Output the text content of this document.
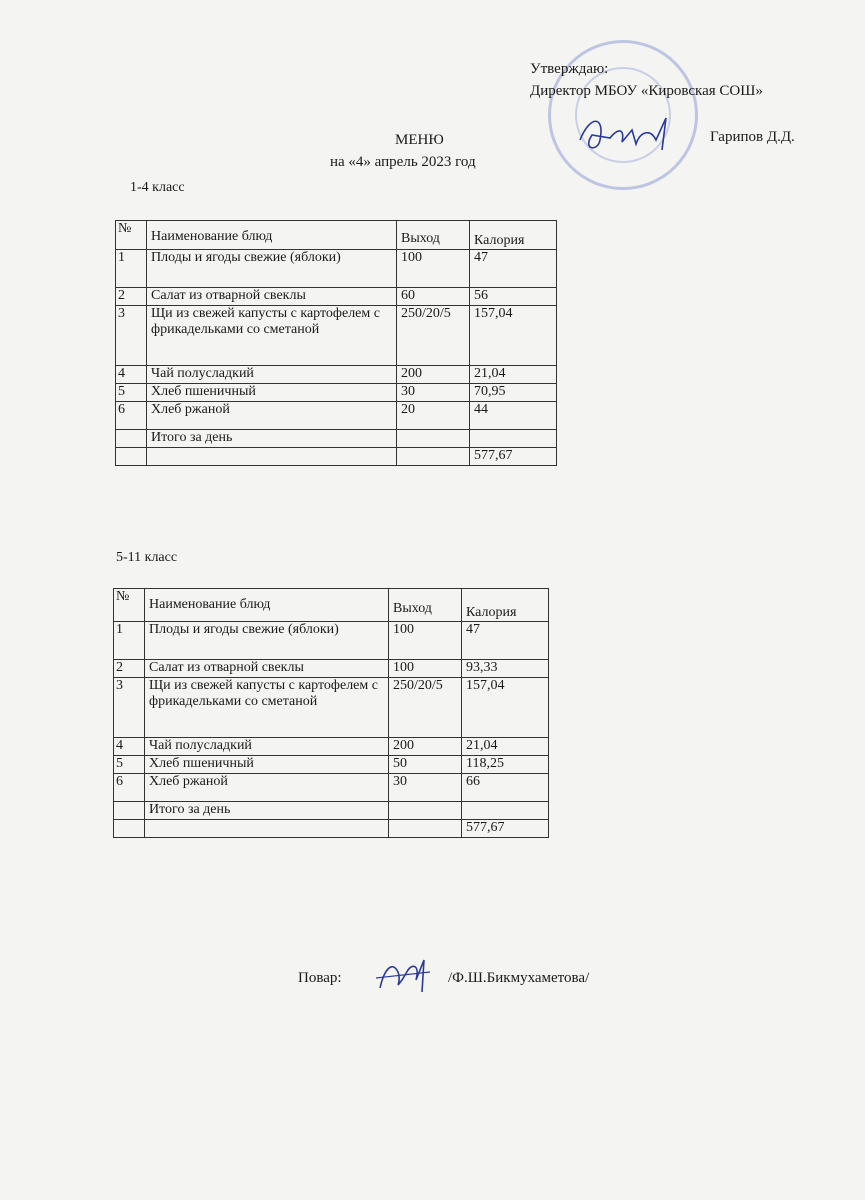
Утверждаю:
Директор МБОУ «Кировская СОШ»
Гарипов Д.Д.
МЕНЮ
на «4» апрель 2023 год
1-4 класс
№	Наименование блюд	Выход	Калория
1	Плоды и ягоды свежие (яблоки)	100	47
2	Салат из отварной свеклы	60	56
3	Щи из свежей капусты с картофелем с фрикадельками со сметаной	250/20/5	157,04
4	Чай полусладкий	200	21,04
5	Хлеб пшеничный	30	70,95
6	Хлеб ржаной	20	44
	Итого за день		
			577,67
5-11 класс
№	Наименование блюд	Выход	Калория
1	Плоды и ягоды свежие (яблоки)	100	47
2	Салат из отварной свеклы	100	93,33
3	Щи из свежей капусты с картофелем с фрикадельками со сметаной	250/20/5	157,04
4	Чай полусладкий	200	21,04
5	Хлеб пшеничный	50	118,25
6	Хлеб ржаной	30	66
	Итого за день		
			577,67
Повар:	/Ф.Ш.Бикмухаметова/
